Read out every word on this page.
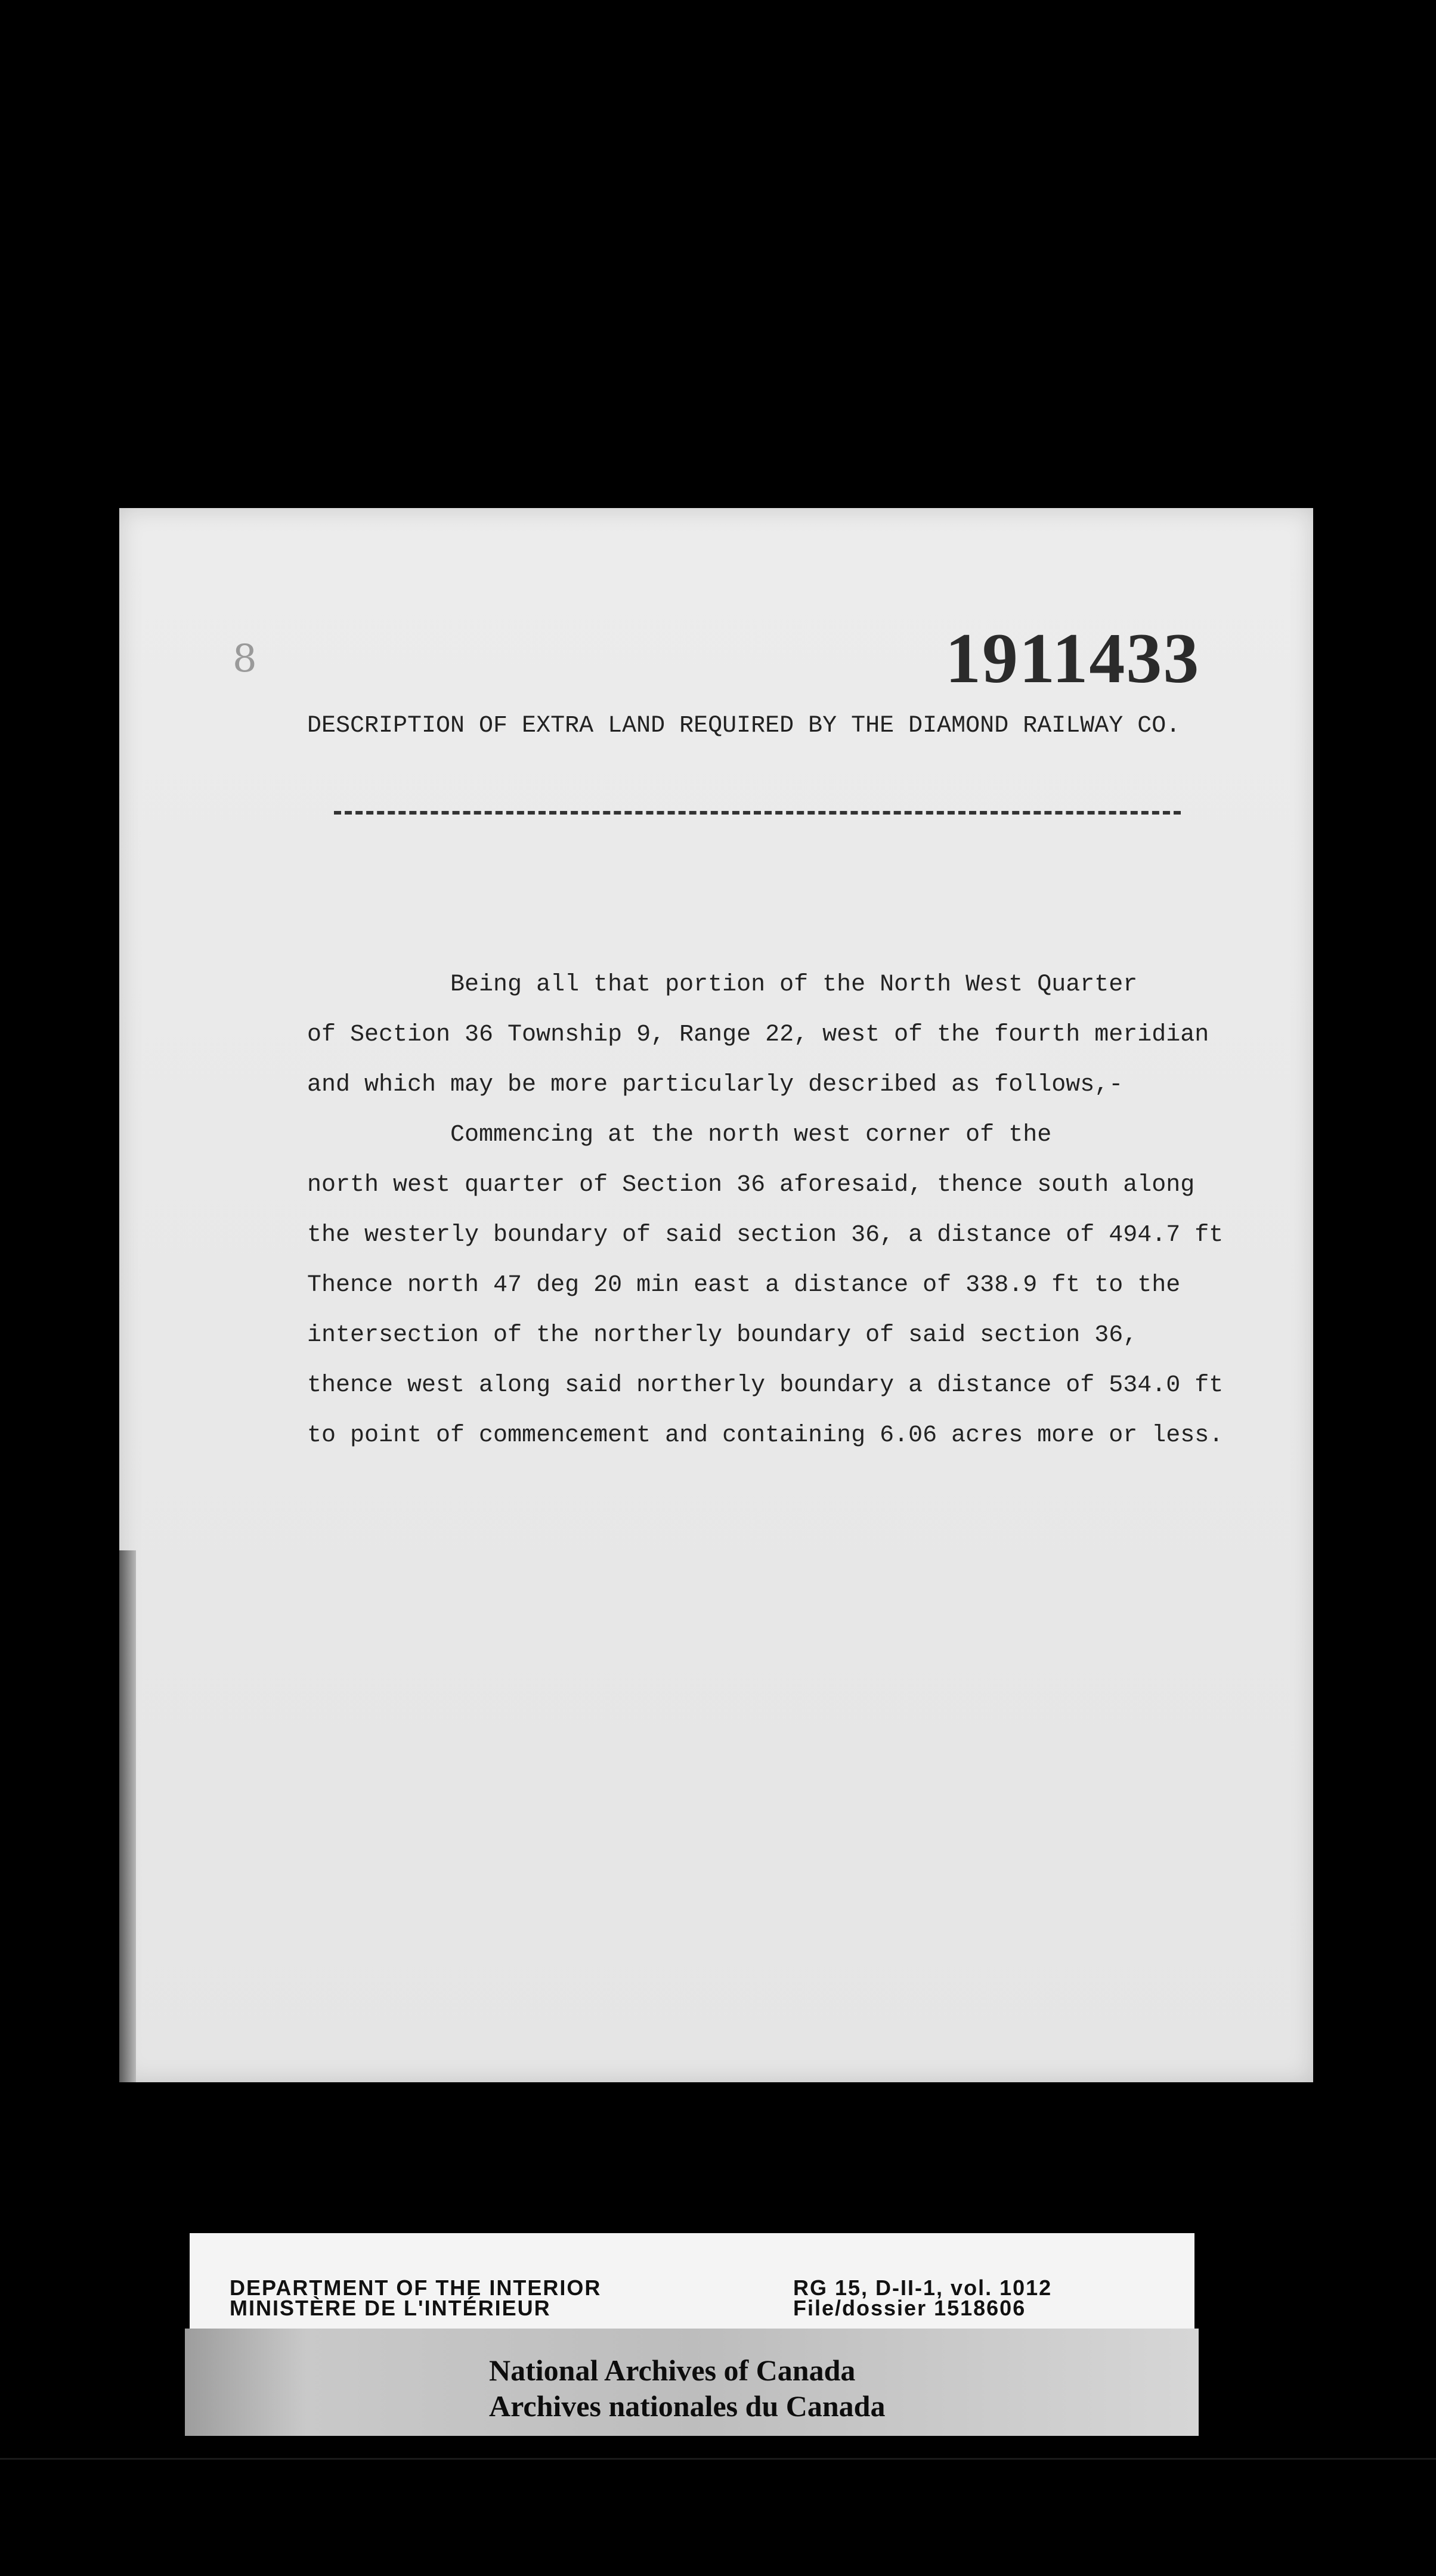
8	1911433
DESCRIPTION OF EXTRA LAND REQUIRED BY THE DIAMOND RAILWAY CO.

Being all that portion of the North West Quarter

of Section 36 Township 9, Range 22, west of the fourth meridian

and which may be more particularly described as follows,-

Commencing at the north west corner of the

north west quarter of Section 36 aforesaid, thence south along

the westerly boundary of said section 36, a distance of 494.7 ft

Thence north 47 deg 20 min east a distance of 338.9 ft to the

intersection of the northerly boundary of said section 36,

thence west along said northerly boundary a distance of 534.0 ft

to point of commencement and containing 6.06 acres more or less.

DEPARTMENT OF THE INTERIOR
MINISTÈRE DE L'INTÉRIEUR
RG 15, D-II-1, vol. 1012
File/dossier 1518606
National Archives of Canada
Archives nationales du Canada
